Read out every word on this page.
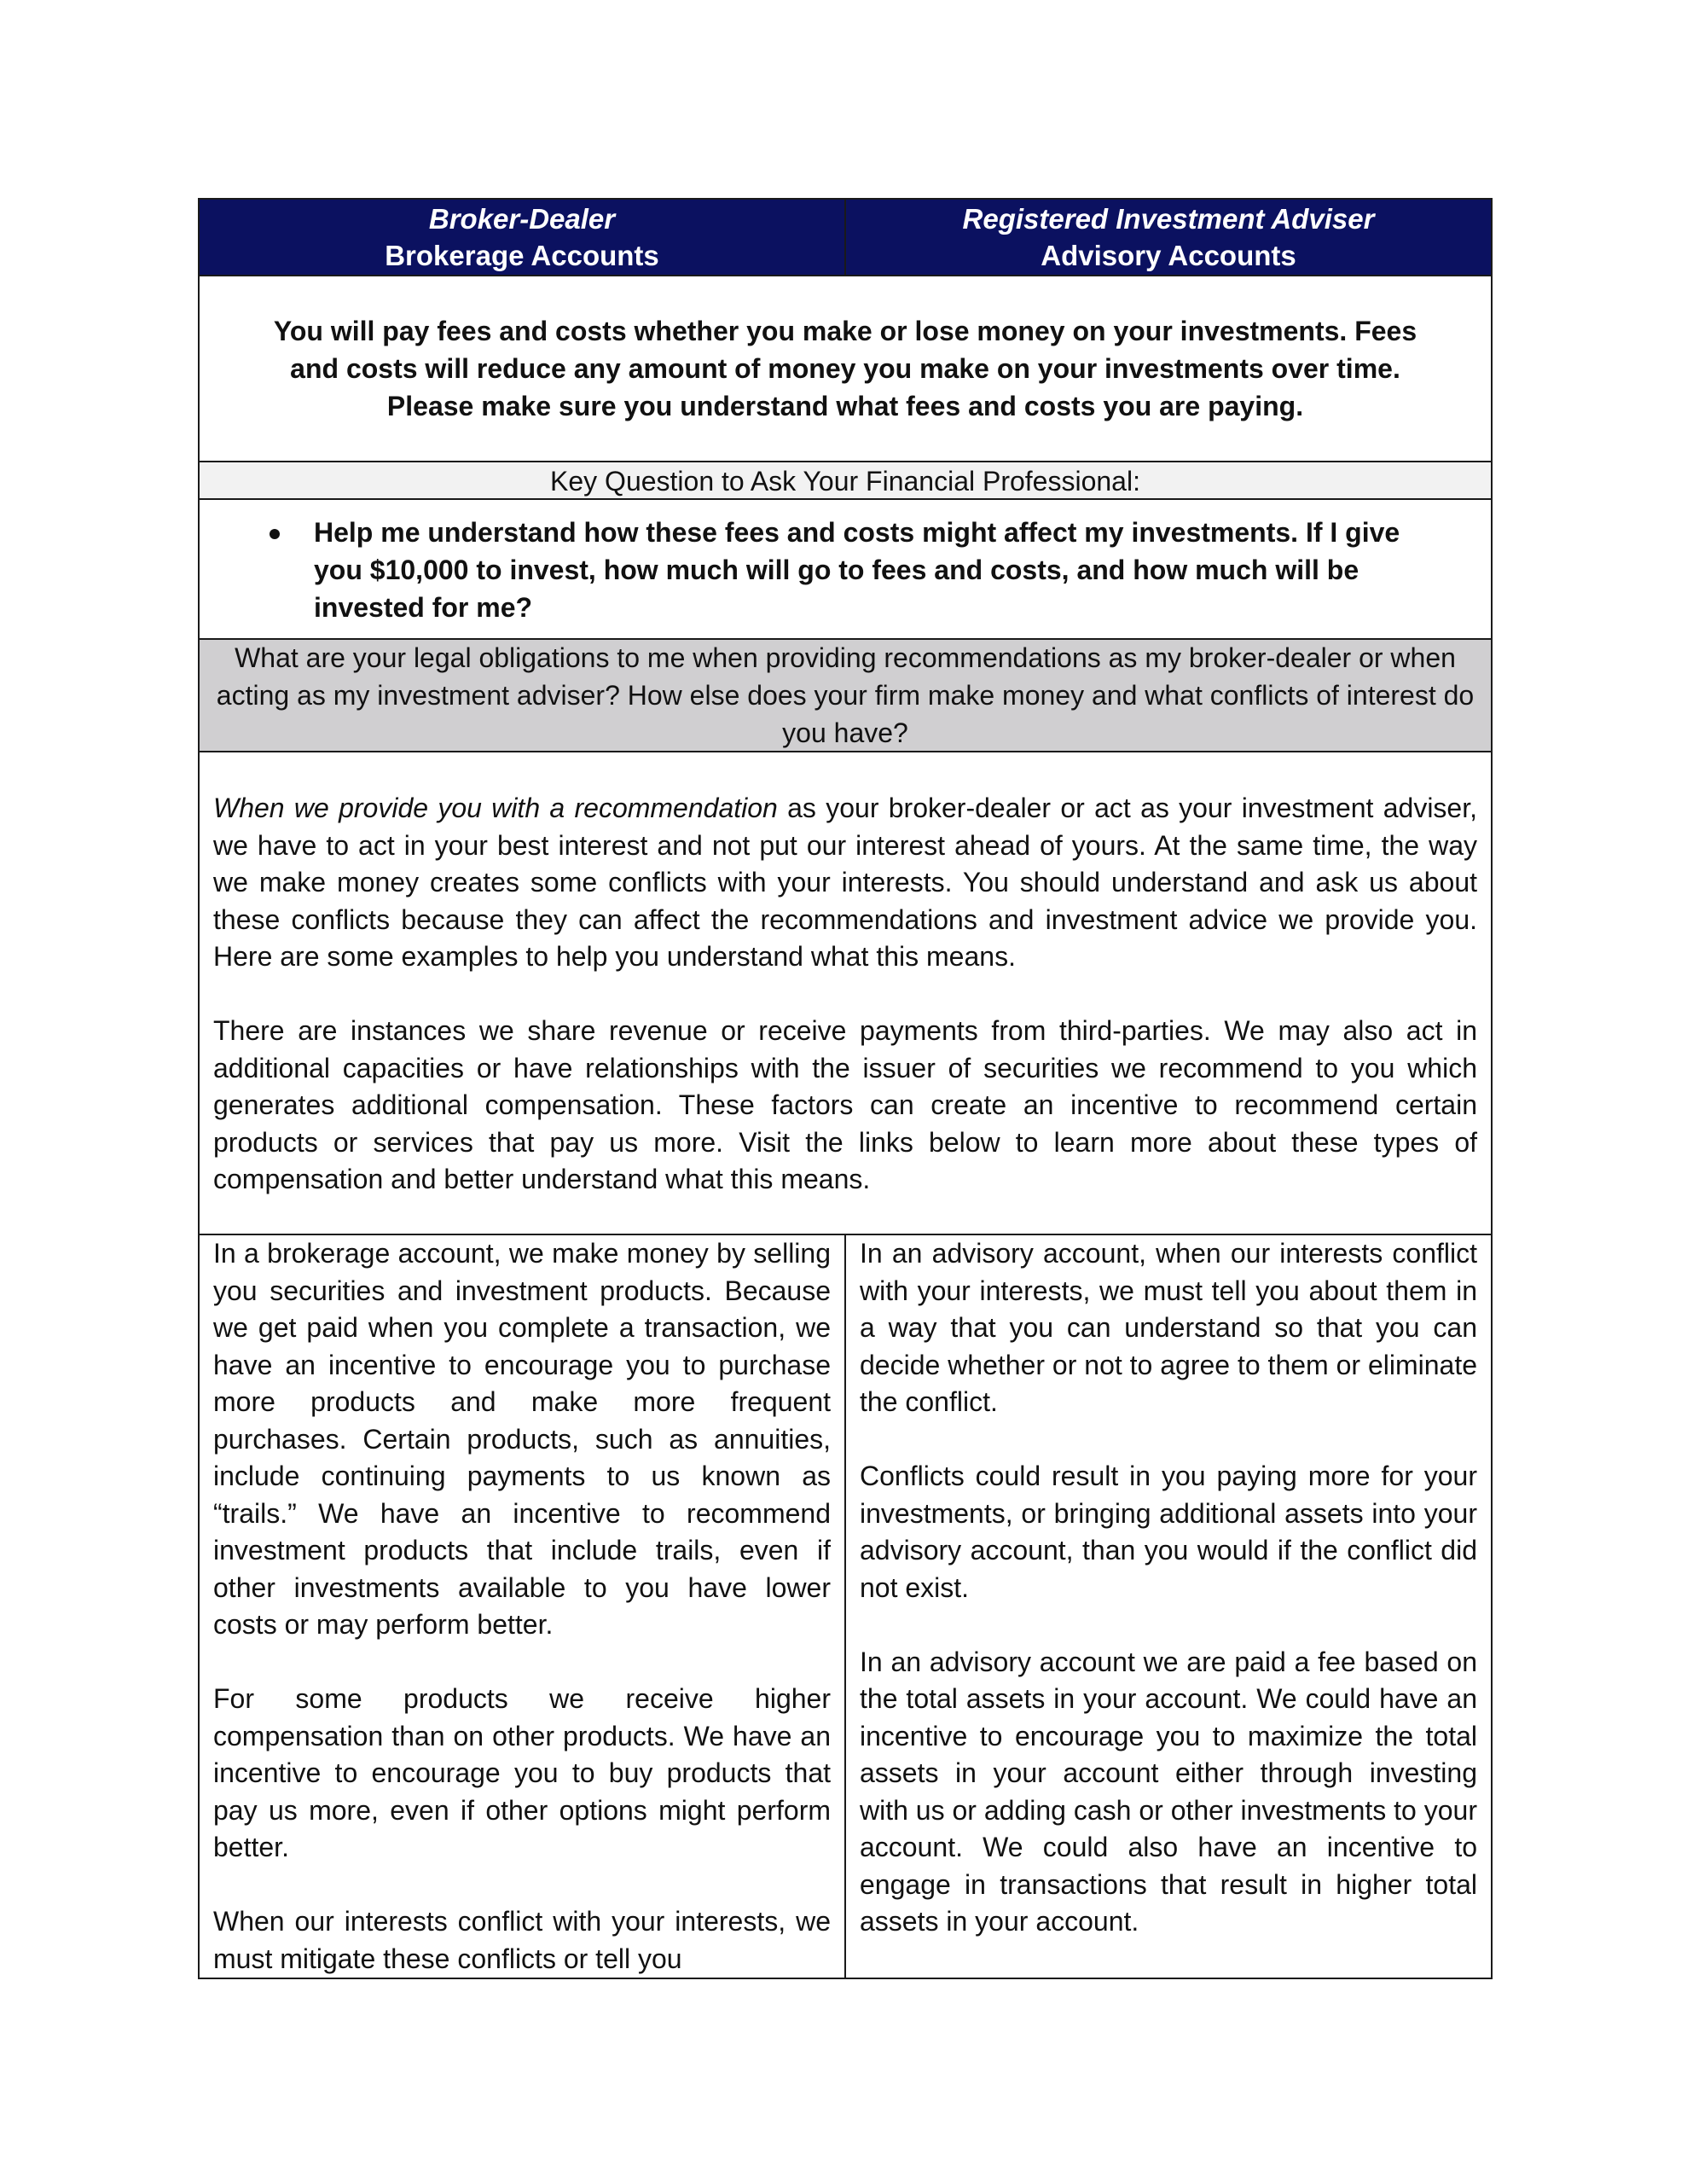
Broker-Dealer
Brokerage Accounts
Registered Investment Adviser
Advisory Accounts
You will pay fees and costs whether you make or lose money on your investments. Fees and costs will reduce any amount of money you make on your investments over time. Please make sure you understand what fees and costs you are paying.
Key Question to Ask Your Financial Professional:
Help me understand how these fees and costs might affect my investments. If I give you $10,000 to invest, how much will go to fees and costs, and how much will be invested for me?
What are your legal obligations to me when providing recommendations as my broker-dealer or when acting as my investment adviser? How else does your firm make money and what conflicts of interest do you have?

When we provide you with a recommendation as your broker-dealer or act as your investment adviser, we have to act in your best interest and not put our interest ahead of yours. At the same time, the way we make money creates some conflicts with your interests. You should understand and ask us about these conflicts because they can affect the recommendations and investment advice we provide you. Here are some examples to help you understand what this means.

There are instances we share revenue or receive payments from third-parties. We may also act in additional capacities or have relationships with the issuer of securities we recommend to you which generates additional compensation. These factors can create an incentive to recommend certain products or services that pay us more. Visit the links below to learn more about these types of compensation and better understand what this means.

In a brokerage account, we make money by selling you securities and investment products. Because we get paid when you complete a transaction, we have an incentive to encourage you to purchase more products and make more frequent purchases. Certain products, such as annuities, include continuing payments to us known as “trails.” We have an incentive to recommend investment products that include trails, even if other investments available to you have lower costs or may perform better.

For some products we receive higher compensation than on other products. We have an incentive to encourage you to buy products that pay us more, even if other options might perform better.

When our interests conflict with your interests, we must mitigate these conflicts or tell you

In an advisory account, when our interests conflict with your interests, we must tell you about them in a way that you can understand so that you can decide whether or not to agree to them or eliminate the conflict.

Conflicts could result in you paying more for your investments, or bringing additional assets into your advisory account, than you would if the conflict did not exist.

In an advisory account we are paid a fee based on the total assets in your account. We could have an incentive to encourage you to maximize the total assets in your account either through investing with us or adding cash or other investments to your account. We could also have an incentive to engage in transactions that result in higher total assets in your account.
